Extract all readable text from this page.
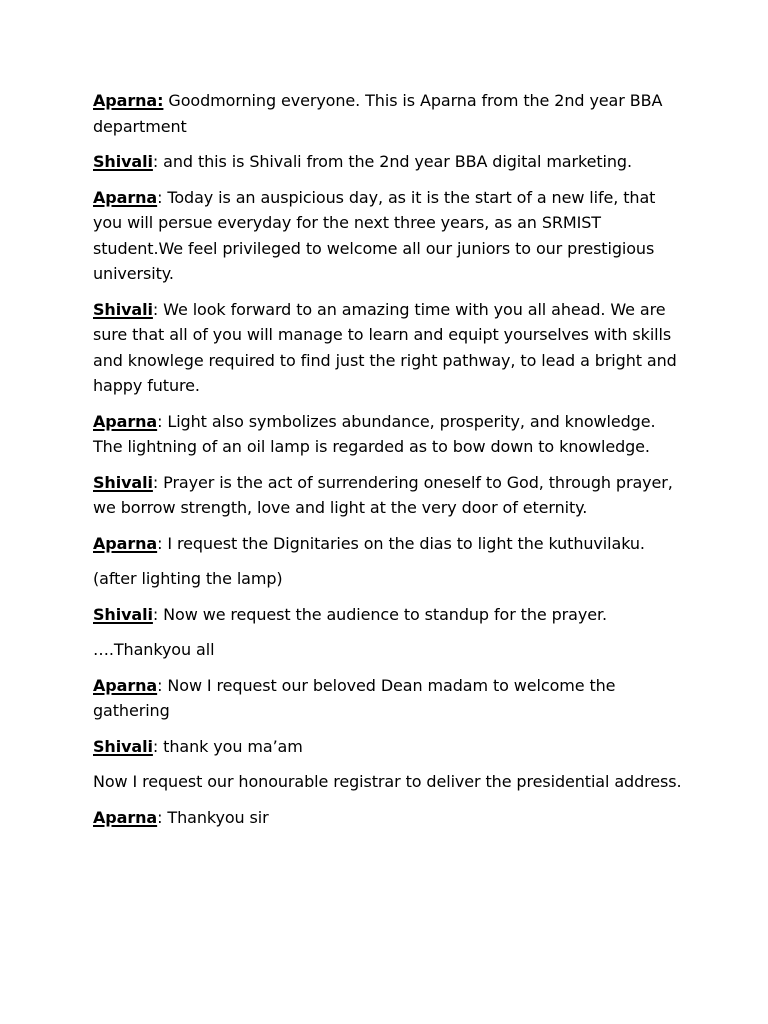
Aparna: Goodmorning everyone. This is Aparna from the 2nd year BBA department

Shivali: and this is Shivali from the 2nd year BBA digital marketing.

Aparna: Today is an auspicious day, as it is the start of a new life, that you will persue everyday for the next three years, as an SRMIST student.We feel privileged to welcome all our juniors to our prestigious university.

Shivali: We look forward to an amazing time with you all ahead. We are sure that all of you will manage to learn and equipt yourselves with skills and knowlege required to find just the right pathway, to lead a bright and happy future.

Aparna: Light also symbolizes abundance, prosperity, and knowledge. The lightning of an oil lamp is regarded as to bow down to knowledge.

Shivali: Prayer is the act of surrendering oneself to God, through prayer, we borrow strength, love and light at the very door of eternity.

Aparna: I request the Dignitaries on the dias to light the kuthuvilaku.

(after lighting the lamp)

Shivali: Now we request the audience to standup for the prayer.

….Thankyou all

Aparna: Now I request our beloved Dean madam to welcome the gathering

Shivali: thank you ma’am

Now I request our honourable registrar to deliver the presidential address.

Aparna: Thankyou sir
